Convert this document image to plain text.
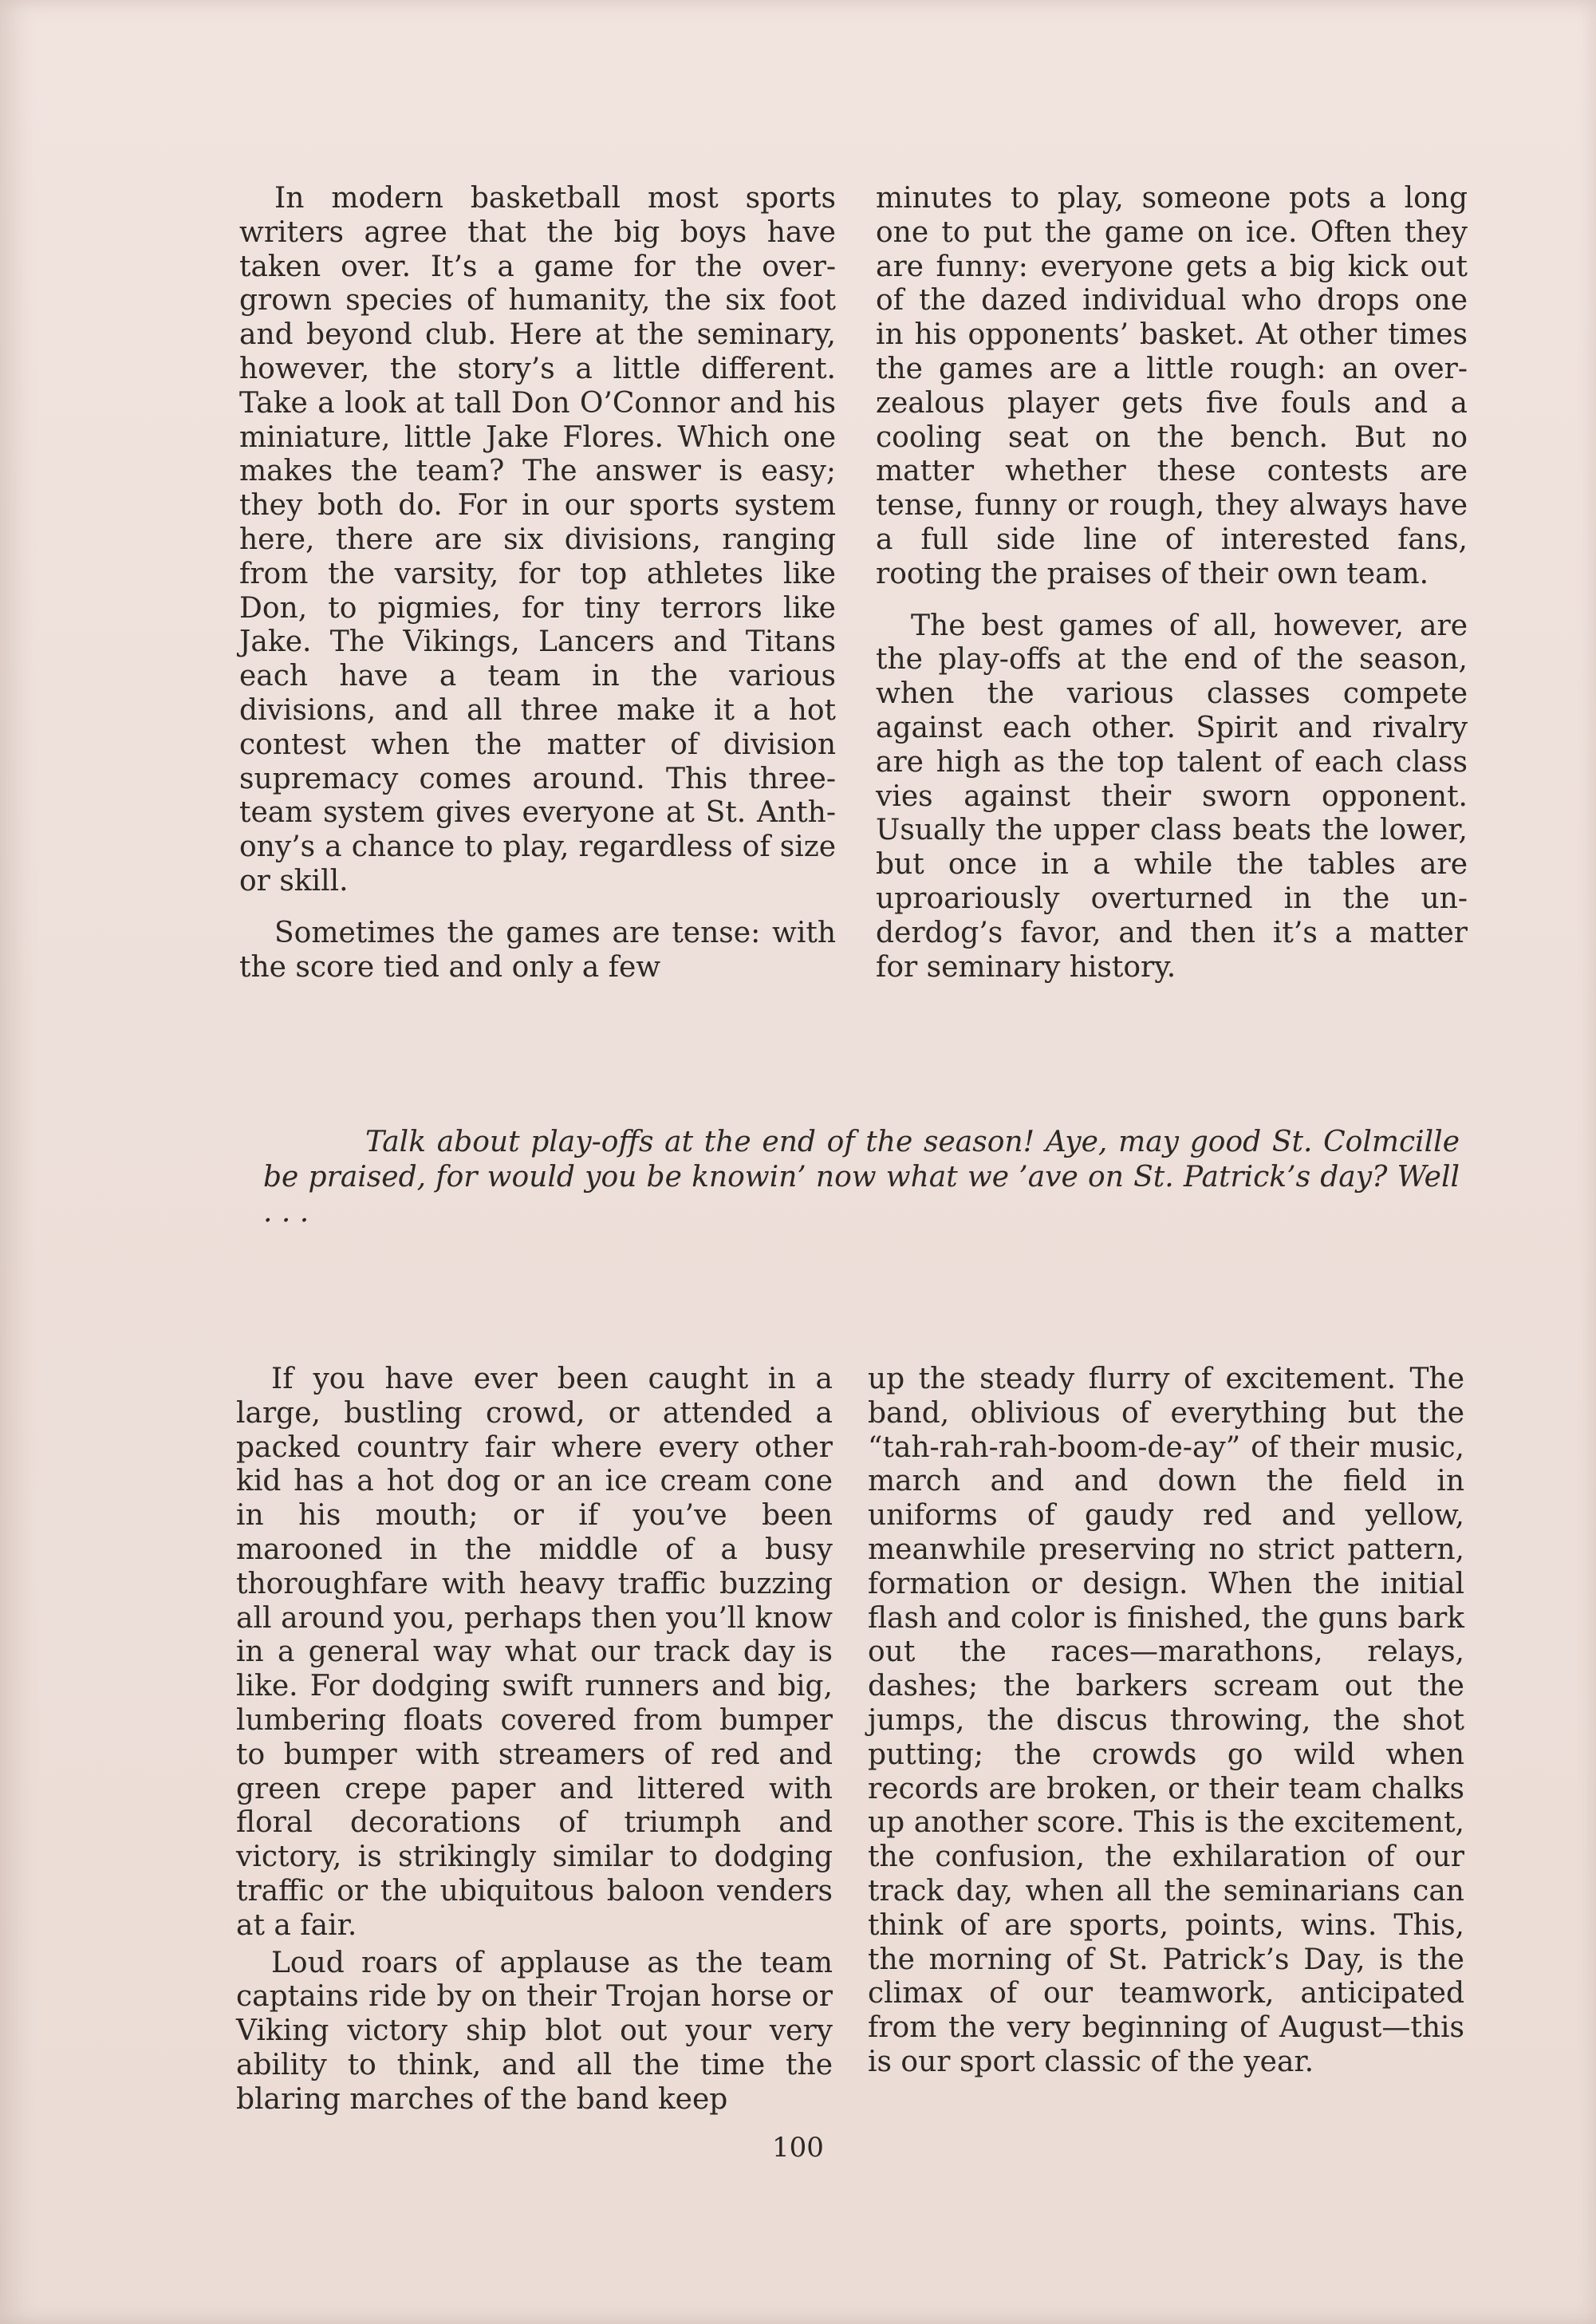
In modern basketball most sports writers agree that the big boys have taken over. It’s a game for the overgrown species of humanity, the six foot and beyond club. Here at the seminary, however, the story’s a little different. Take a look at tall Don O’Connor and his miniature, little Jake Flores. Which one makes the team? The answer is easy; they both do. For in our sports system here, there are six divisions, ranging from the varsity, for top athletes like Don, to pigmies, for tiny terrors like Jake. The Vikings, Lancers and Titans each have a team in the various divisions, and all three make it a hot contest when the matter of division supremacy comes around. This three-team system gives everyone at St. Anthony’s a chance to play, regardless of size or skill.

Sometimes the games are tense: with the score tied and only a few

minutes to play, someone pots a long one to put the game on ice. Often they are funny: everyone gets a big kick out of the dazed individual who drops one in his opponents’ basket. At other times the games are a little rough: an over-zealous player gets five fouls and a cooling seat on the bench. But no matter whether these contests are tense, funny or rough, they always have a full side line of interested fans, rooting the praises of their own team.

The best games of all, however, are the play-offs at the end of the season, when the various classes compete against each other. Spirit and rivalry are high as the top talent of each class vies against their sworn opponent. Usually the upper class beats the lower, but once in a while the tables are uproariously overturned in the underdog’s favor, and then it’s a matter for seminary history.

Talk about play-offs at the end of the season! Aye, may good St. Colmcille be praised, for would you be knowin’ now what we ’ave on St. Patrick’s day? Well . . .

If you have ever been caught in a large, bustling crowd, or attended a packed country fair where every other kid has a hot dog or an ice cream cone in his mouth; or if you’ve been marooned in the middle of a busy thoroughfare with heavy traffic buzzing all around you, perhaps then you’ll know in a general way what our track day is like. For dodging swift runners and big, lumbering floats covered from bumper to bumper with streamers of red and green crepe paper and littered with floral decorations of triumph and victory, is strikingly similar to dodging traffic or the ubiquitous baloon venders at a fair.

Loud roars of applause as the team captains ride by on their Trojan horse or Viking victory ship blot out your very ability to think, and all the time the blaring marches of the band keep

up the steady flurry of excitement. The band, oblivious of everything but the “tah-rah-rah-boom-de-ay” of their music, march and and down the field in uniforms of gaudy red and yellow, meanwhile preserving no strict pattern, formation or design. When the initial flash and color is finished, the guns bark out the races—marathons, relays, dashes; the barkers scream out the jumps, the discus throwing, the shot putting; the crowds go wild when records are broken, or their team chalks up another score. This is the excitement, the confusion, the exhilaration of our track day, when all the seminarians can think of are sports, points, wins. This, the morning of St. Patrick’s Day, is the climax of our teamwork, anticipated from the very beginning of August—this is our sport classic of the year.

100
